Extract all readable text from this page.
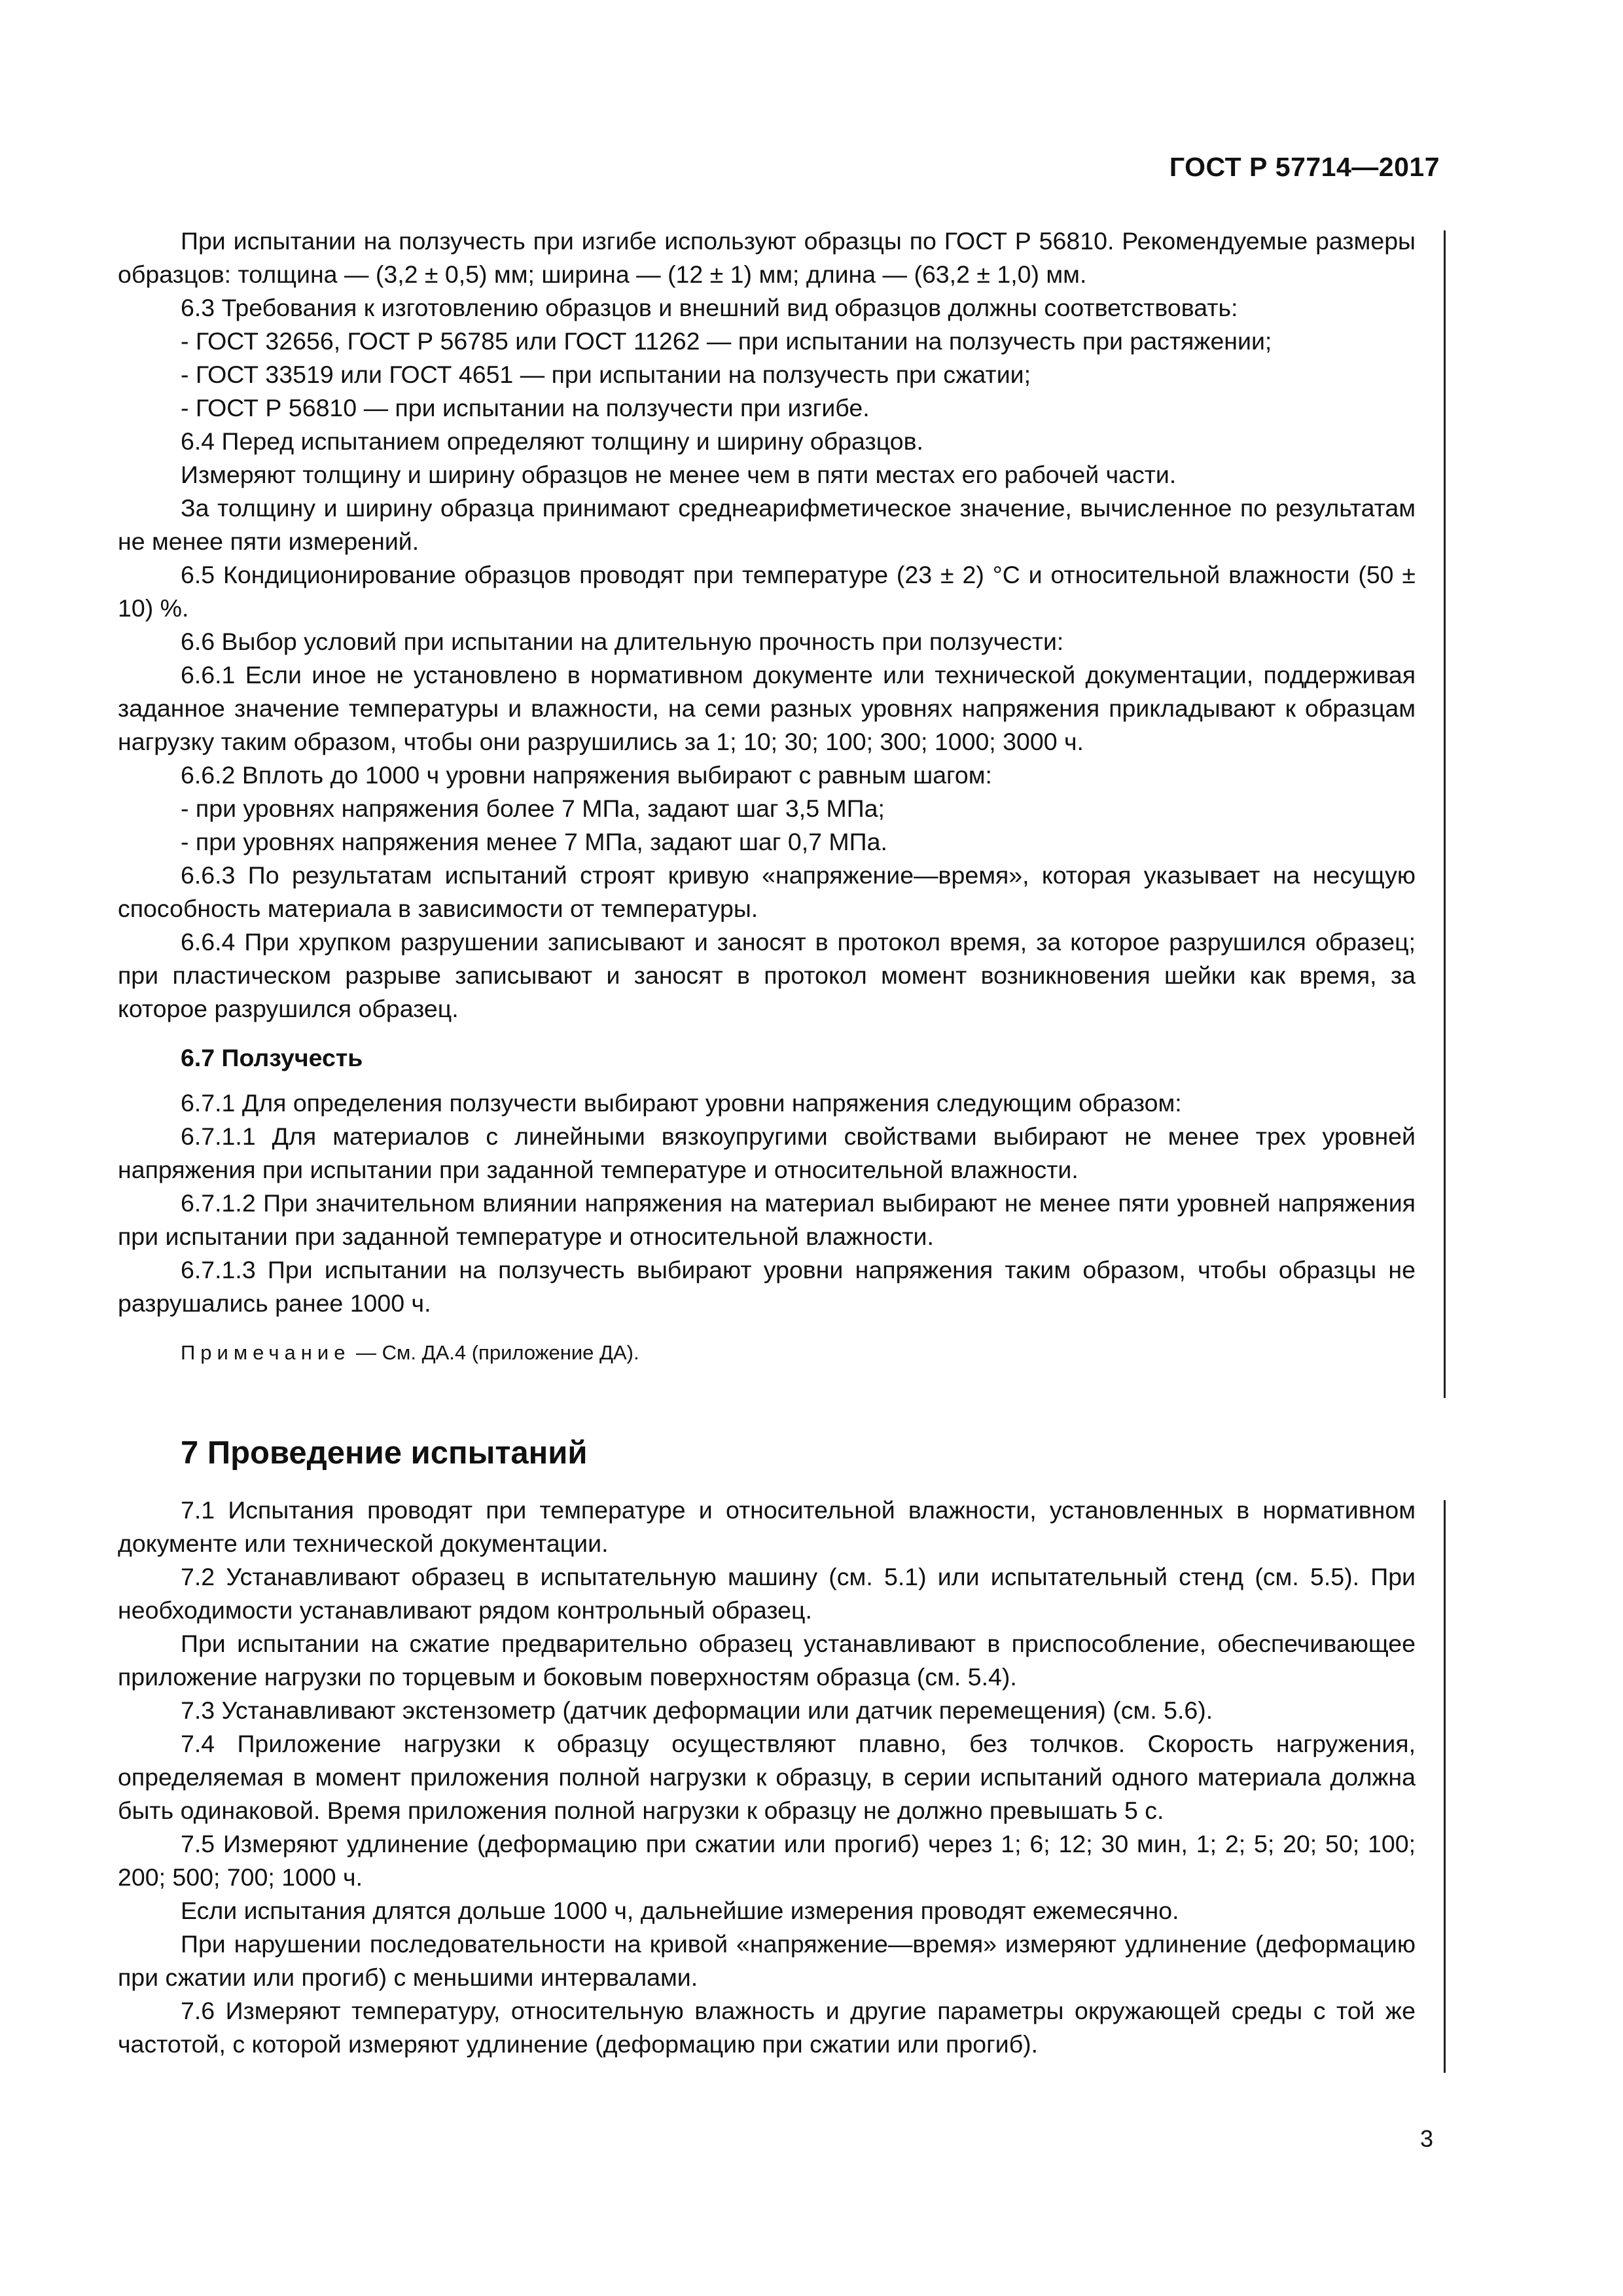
ГОСТ Р 57714—2017

При испытании на ползучесть при изгибе используют образцы по ГОСТ Р 56810. Рекомендуемые размеры образцов: толщина — (3,2 ± 0,5) мм; ширина — (12 ± 1) мм; длина — (63,2 ± 1,0) мм.

6.3 Требования к изготовлению образцов и внешний вид образцов должны соответствовать:

- ГОСТ 32656, ГОСТ Р 56785 или ГОСТ 11262 — при испытании на ползучесть при растяжении;

- ГОСТ 33519 или ГОСТ 4651 — при испытании на ползучесть при сжатии;

- ГОСТ Р 56810 — при испытании на ползучести при изгибе.

6.4 Перед испытанием определяют толщину и ширину образцов.

Измеряют толщину и ширину образцов не менее чем в пяти местах его рабочей части.

За толщину и ширину образца принимают среднеарифметическое значение, вычисленное по результатам не менее пяти измерений.

6.5 Кондиционирование образцов проводят при температуре (23 ± 2) °С и относительной влажности (50 ± 10) %.

6.6 Выбор условий при испытании на длительную прочность при ползучести:

6.6.1 Если иное не установлено в нормативном документе или технической документации, поддерживая заданное значение температуры и влажности, на семи разных уровнях напряжения прикладывают к образцам нагрузку таким образом, чтобы они разрушились за 1; 10; 30; 100; 300; 1000; 3000 ч.

6.6.2 Вплоть до 1000 ч уровни напряжения выбирают с равным шагом:

- при уровнях напряжения более 7 МПа, задают шаг 3,5 МПа;

- при уровнях напряжения менее 7 МПа, задают шаг 0,7 МПа.

6.6.3 По результатам испытаний строят кривую «напряжение—время», которая указывает на несущую способность материала в зависимости от температуры.

6.6.4 При хрупком разрушении записывают и заносят в протокол время, за которое разрушился образец; при пластическом разрыве записывают и заносят в протокол момент возникновения шейки как время, за которое разрушился образец.

6.7 Ползучесть

6.7.1 Для определения ползучести выбирают уровни напряжения следующим образом:

6.7.1.1 Для материалов с линейными вязкоупругими свойствами выбирают не менее трех уровней напряжения при испытании при заданной температуре и относительной влажности.

6.7.1.2 При значительном влиянии напряжения на материал выбирают не менее пяти уровней напряжения при испытании при заданной температуре и относительной влажности.

6.7.1.3 При испытании на ползучесть выбирают уровни напряжения таким образом, чтобы образцы не разрушались ранее 1000 ч.

Примечание — См. ДА.4 (приложение ДА).

7 Проведение испытаний

7.1 Испытания проводят при температуре и относительной влажности, установленных в нормативном документе или технической документации.

7.2 Устанавливают образец в испытательную машину (см. 5.1) или испытательный стенд (см. 5.5). При необходимости устанавливают рядом контрольный образец.

При испытании на сжатие предварительно образец устанавливают в приспособление, обеспечивающее приложение нагрузки по торцевым и боковым поверхностям образца (см. 5.4).

7.3 Устанавливают экстензометр (датчик деформации или датчик перемещения) (см. 5.6).

7.4 Приложение нагрузки к образцу осуществляют плавно, без толчков. Скорость нагружения, определяемая в момент приложения полной нагрузки к образцу, в серии испытаний одного материала должна быть одинаковой. Время приложения полной нагрузки к образцу не должно превышать 5 с.

7.5 Измеряют удлинение (деформацию при сжатии или прогиб) через 1; 6; 12; 30 мин, 1; 2; 5; 20; 50; 100; 200; 500; 700; 1000 ч.

Если испытания длятся дольше 1000 ч, дальнейшие измерения проводят ежемесячно.

При нарушении последовательности на кривой «напряжение—время» измеряют удлинение (деформацию при сжатии или прогиб) с меньшими интервалами.

7.6 Измеряют температуру, относительную влажность и другие параметры окружающей среды с той же частотой, с которой измеряют удлинение (деформацию при сжатии или прогиб).

3
